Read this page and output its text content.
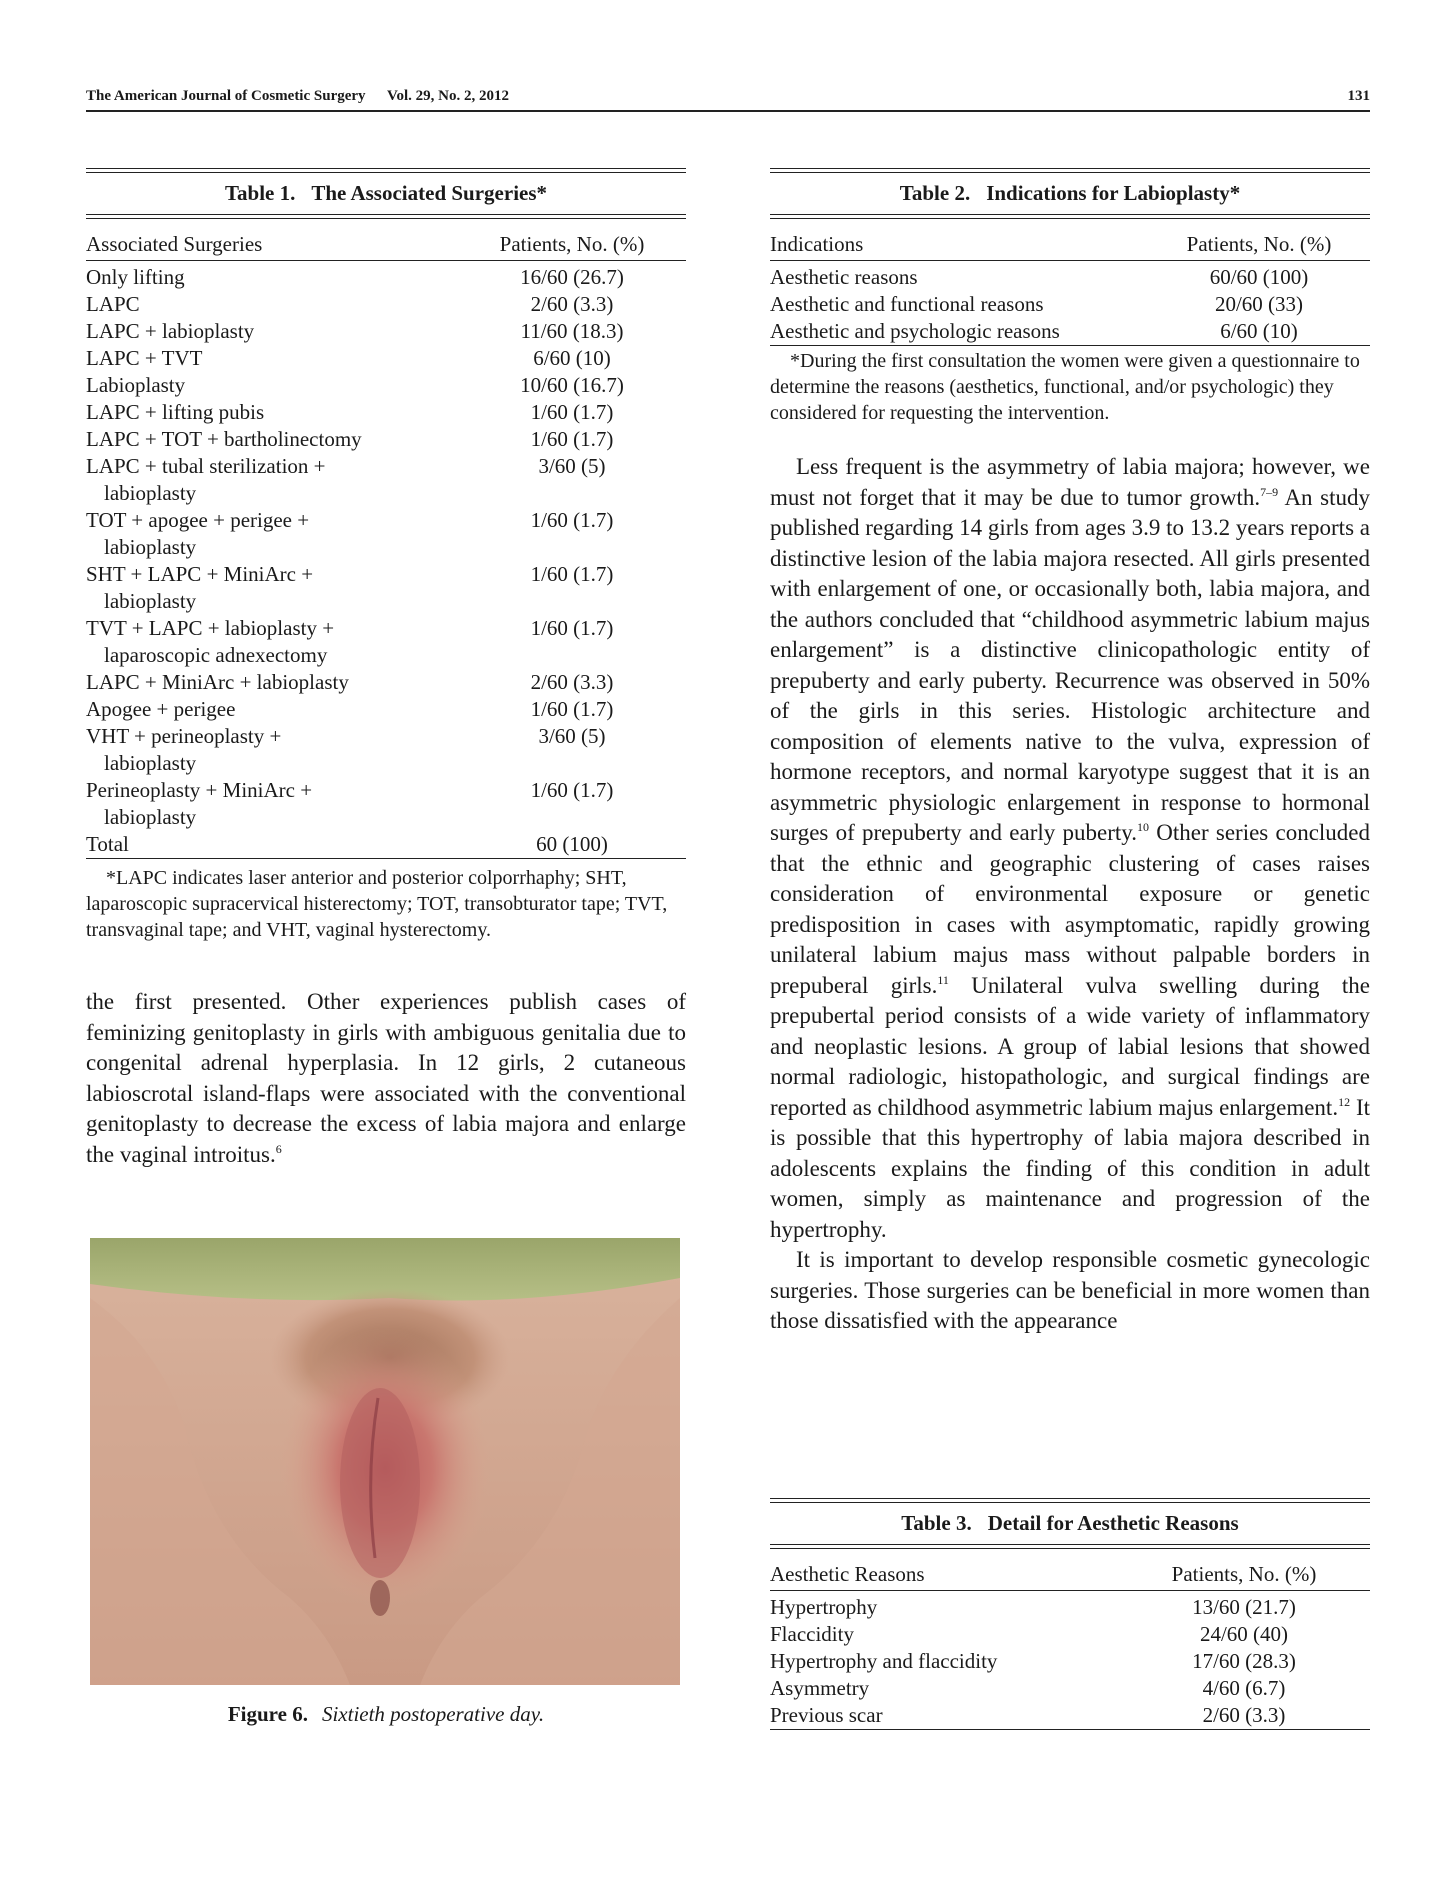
The American Journal of Cosmetic Surgery Vol. 29, No. 2, 2012	131
Table 1. The Associated Surgeries*
Associated Surgeries	Patients, No. (%)

Only lifting	16/60 (26.7)

LAPC	2/60 (3.3)

LAPC + labioplasty	11/60 (18.3)

LAPC + TVT	6/60 (10)

Labioplasty	10/60 (16.7)

LAPC + lifting pubis	1/60 (1.7)

LAPC + TOT + bartholinectomy	1/60 (1.7)

LAPC + tubal sterilization +
labioplasty	3/60 (5)

TOT + apogee + perigee +
labioplasty	1/60 (1.7)

SHT + LAPC + MiniArc +
labioplasty	1/60 (1.7)

TVT + LAPC + labioplasty +
laparoscopic adnexectomy	1/60 (1.7)

LAPC + MiniArc + labioplasty	2/60 (3.3)

Apogee + perigee	1/60 (1.7)

VHT + perineoplasty +
labioplasty	3/60 (5)

Perineoplasty + MiniArc +
labioplasty	1/60 (1.7)

Total	60 (100)
*LAPC indicates laser anterior and posterior colporrhaphy; SHT, laparoscopic supracervical histerectomy; TOT, transobturator tape; TVT, transvaginal tape; and VHT, vaginal hysterectomy.

the first presented. Other experiences publish cases of feminizing genitoplasty in girls with ambiguous genitalia due to congenital adrenal hyperplasia. In 12 girls, 2 cutaneous labioscrotal island-flaps were associated with the conventional genitoplasty to decrease the excess of labia majora and enlarge the vaginal introitus.$^6$

Figure 6. Sixtieth postoperative day.
Table 2. Indications for Labioplasty*
Indications	Patients, No. (%)

Aesthetic reasons	60/60 (100)

Aesthetic and functional reasons	20/60 (33)

Aesthetic and psychologic reasons	6/60 (10)
*During the first consultation the women were given a questionnaire to determine the reasons (aesthetics, functional, and/or psychologic) they considered for requesting the intervention.

Less frequent is the asymmetry of labia majora; however, we must not forget that it may be due to tumor growth.$^{7-9}$ An study published regarding 14 girls from ages 3.9 to 13.2 years reports a distinctive lesion of the labia majora resected. All girls presented with enlargement of one, or occasionally both, labia majora, and the authors concluded that “childhood asymmetric labium majus enlargement” is a distinctive clinicopathologic entity of prepuberty and early puberty. Recurrence was observed in 50% of the girls in this series. Histologic architecture and composition of elements native to the vulva, expression of hormone receptors, and normal karyotype suggest that it is an asymmetric physiologic enlargement in response to hormonal surges of prepuberty and early puberty.$^{10}$ Other series concluded that the ethnic and geographic clustering of cases raises consideration of environmental exposure or genetic predisposition in cases with asymptomatic, rapidly growing unilateral labium majus mass without palpable borders in prepuberal girls.$^{11}$ Unilateral vulva swelling during the prepubertal period consists of a wide variety of inflammatory and neoplastic lesions. A group of labial lesions that showed normal radiologic, histopathologic, and surgical findings are reported as childhood asymmetric labium majus enlargement.$^{12}$ It is possible that this hypertrophy of labia majora described in adolescents explains the finding of this condition in adult women, simply as maintenance and progression of the hypertrophy.

It is important to develop responsible cosmetic gynecologic surgeries. Those surgeries can be beneficial in more women than those dissatisfied with the appearance

Table 3. Detail for Aesthetic Reasons
Aesthetic Reasons	Patients, No. (%)

Hypertrophy	13/60 (21.7)

Flaccidity	24/60 (40)

Hypertrophy and flaccidity	17/60 (28.3)

Asymmetry	4/60 (6.7)

Previous scar	2/60 (3.3)
